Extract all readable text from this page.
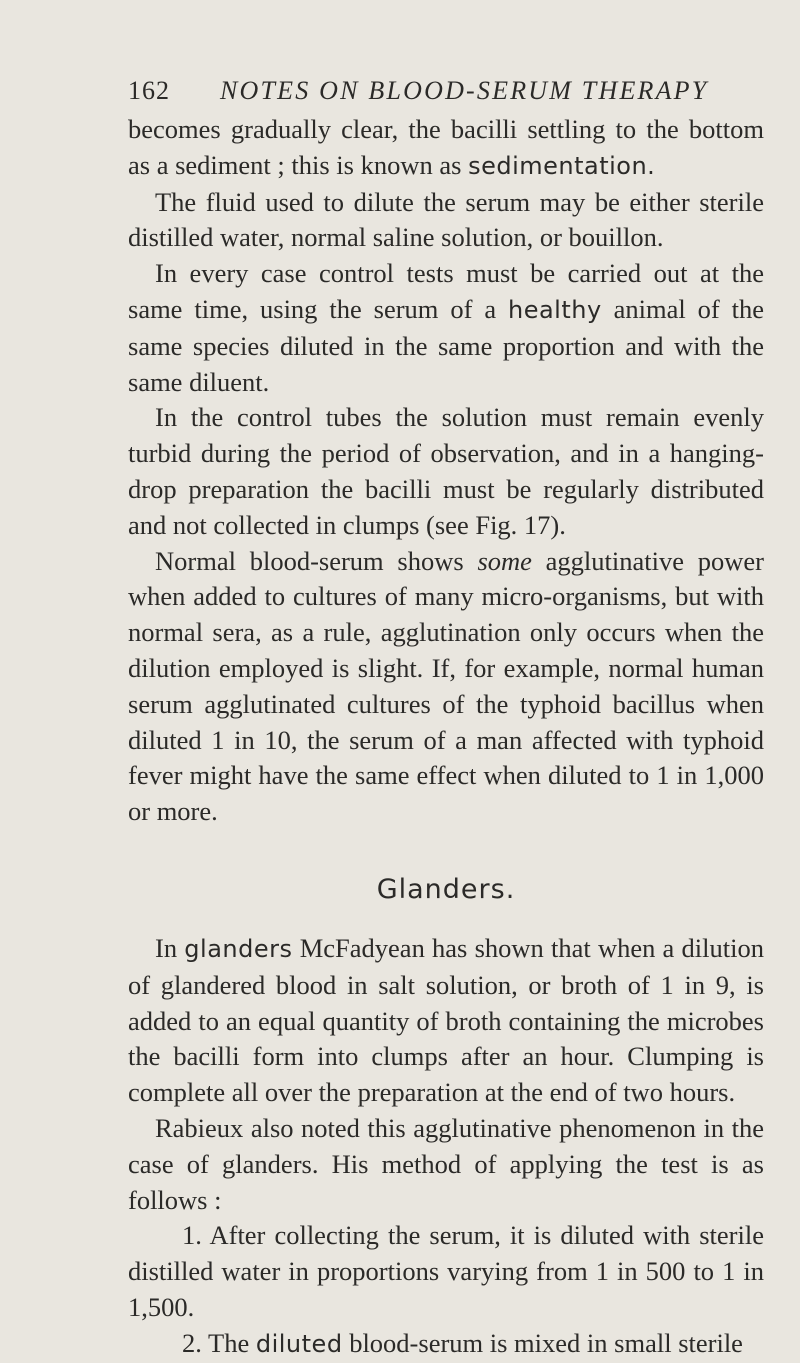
162	NOTES ON BLOOD-SERUM THERAPY

becomes gradually clear, the bacilli settling to the bottom as a sediment ; this is known as sedimentation.

The fluid used to dilute the serum may be either sterile distilled water, normal saline solution, or bouillon.

In every case control tests must be carried out at the same time, using the serum of a healthy animal of the same species diluted in the same proportion and with the same diluent.

In the control tubes the solution must remain evenly turbid during the period of observation, and in a hanging-drop preparation the bacilli must be regularly distributed and not collected in clumps (see Fig. 17).

Normal blood-serum shows some agglutinative power when added to cultures of many micro-organisms, but with normal sera, as a rule, agglutination only occurs when the dilution employed is slight. If, for example, normal human serum agglutinated cultures of the typhoid bacillus when diluted 1 in 10, the serum of a man affected with typhoid fever might have the same effect when diluted to 1 in 1,000 or more.

Glanders.

In glanders McFadyean has shown that when a dilution of glandered blood in salt solution, or broth of 1 in 9, is added to an equal quantity of broth containing the microbes the bacilli form into clumps after an hour. Clumping is complete all over the preparation at the end of two hours.

Rabieux also noted this agglutinative phenomenon in the case of glanders. His method of applying the test is as follows :

1. After collecting the serum, it is diluted with sterile distilled water in proportions varying from 1 in 500 to 1 in 1,500.

2. The diluted blood-serum is mixed in small sterile
